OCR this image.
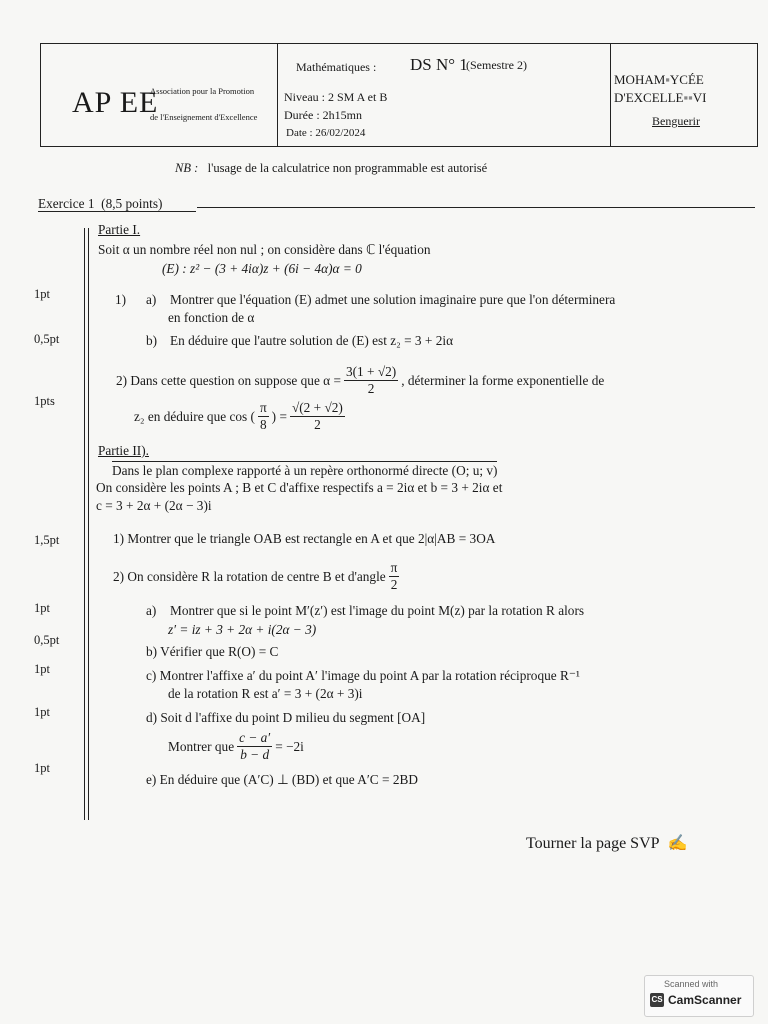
AP EE
Association pour la Promotion
de l'Enseignement d'Excellence
Mathématiques : DS N° 1
(Semestre 2)
Niveau : 2 SM A et B
Durée : 2h15mn
Date : 26/02/2024
MOHAM▪YCÉE
D'EXCELLE▪▪VI
Benguerir
NB : l'usage de la calculatrice non programmable est autorisé
Exercice 1 (8,5 points)
Partie I.
Soit α un nombre réel non nul ; on considère dans ℂ l'équation
(E) : z² − (3 + 4iα)z + (6i − 4α)α = 0
1pt	1) a) Montrer que l'équation (E) admet une solution imaginaire pure que l'on déterminera
en fonction de α
0,5pt	b) En déduire que l'autre solution de (E) est z₂ = 3 + 2iα
2) Dans cette question on suppose que $\alpha = \frac{3(1 + √2)}{2}$ , déterminer la forme exponentielle de
1pts
z₂ en déduire que cos ( $\frac{\pi}{8}$ ) = $\frac{√(2 + √2)}{2}$
Partie II).
Dans le plan complexe rapporté à un repère orthonormé directe (O; u; v)
On considère les points A ; B et C d'affixe respectifs a = 2iα et b = 3 + 2iα et
c = 3 + 2α + (2α − 3)i
1,5pt	1) Montrer que le triangle OAB est rectangle en A et que 2|α|AB = 3OA
2) On considère R la rotation de centre B et d'angle $\frac{\pi}{2}$
1pt	a) Montrer que si le point M′(z′) est l'image du point M(z) par la rotation R alors
z′ = iz + 3 + 2α + i(2α − 3)
0,5pt
b) Vérifier que R(O) = C
1pt	c) Montrer l'affixe a′ du point A′ l'image du point A par la rotation réciproque R⁻¹
de la rotation R est a′ = 3 + (2α + 3)i
1pt	d) Soit d l'affixe du point D milieu du segment [OA]
Montrer que $\frac{c - a'}{b - d} = -2i$
1pt
e) En déduire que (A′C) ⊥ (BD) et que A′C = 2BD
Tourner la page SVP ✍
Scanned with
CS CamScanner
